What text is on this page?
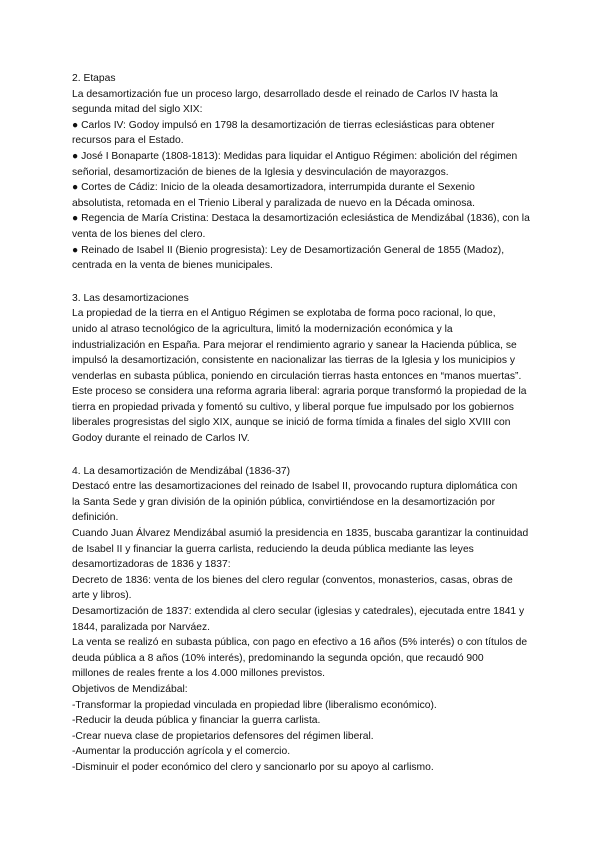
2. Etapas
La desamortización fue un proceso largo, desarrollado desde el reinado de Carlos IV hasta la
segunda mitad del siglo XIX:
● Carlos IV: Godoy impulsó en 1798 la desamortización de tierras eclesiásticas para obtener
recursos para el Estado.
● José I Bonaparte (1808-1813): Medidas para liquidar el Antiguo Régimen: abolición del régimen
señorial, desamortización de bienes de la Iglesia y desvinculación de mayorazgos.
● Cortes de Cádiz: Inicio de la oleada desamortizadora, interrumpida durante el Sexenio
absolutista, retomada en el Trienio Liberal y paralizada de nuevo en la Década ominosa.
● Regencia de María Cristina: Destaca la desamortización eclesiástica de Mendizábal (1836), con la
venta de los bienes del clero.
● Reinado de Isabel II (Bienio progresista): Ley de Desamortización General de 1855 (Madoz),
centrada en la venta de bienes municipales.
3. Las desamortizaciones
La propiedad de la tierra en el Antiguo Régimen se explotaba de forma poco racional, lo que,
unido al atraso tecnológico de la agricultura, limitó la modernización económica y la
industrialización en España. Para mejorar el rendimiento agrario y sanear la Hacienda pública, se
impulsó la desamortización, consistente en nacionalizar las tierras de la Iglesia y los municipios y
venderlas en subasta pública, poniendo en circulación tierras hasta entonces en “manos muertas”.
Este proceso se considera una reforma agraria liberal: agraria porque transformó la propiedad de la
tierra en propiedad privada y fomentó su cultivo, y liberal porque fue impulsado por los gobiernos
liberales progresistas del siglo XIX, aunque se inició de forma tímida a finales del siglo XVIII con
Godoy durante el reinado de Carlos IV.
4. La desamortización de Mendizábal (1836-37)
Destacó entre las desamortizaciones del reinado de Isabel II, provocando ruptura diplomática con
la Santa Sede y gran división de la opinión pública, convirtiéndose en la desamortización por
definición.
Cuando Juan Álvarez Mendizábal asumió la presidencia en 1835, buscaba garantizar la continuidad
de Isabel II y financiar la guerra carlista, reduciendo la deuda pública mediante las leyes
desamortizadoras de 1836 y 1837:
Decreto de 1836: venta de los bienes del clero regular (conventos, monasterios, casas, obras de
arte y libros).
Desamortización de 1837: extendida al clero secular (iglesias y catedrales), ejecutada entre 1841 y
1844, paralizada por Narváez.
La venta se realizó en subasta pública, con pago en efectivo a 16 años (5% interés) o con títulos de
deuda pública a 8 años (10% interés), predominando la segunda opción, que recaudó 900
millones de reales frente a los 4.000 millones previstos.
Objetivos de Mendizábal:
-Transformar la propiedad vinculada en propiedad libre (liberalismo económico).
-Reducir la deuda pública y financiar la guerra carlista.
-Crear nueva clase de propietarios defensores del régimen liberal.
-Aumentar la producción agrícola y el comercio.
-Disminuir el poder económico del clero y sancionarlo por su apoyo al carlismo.
